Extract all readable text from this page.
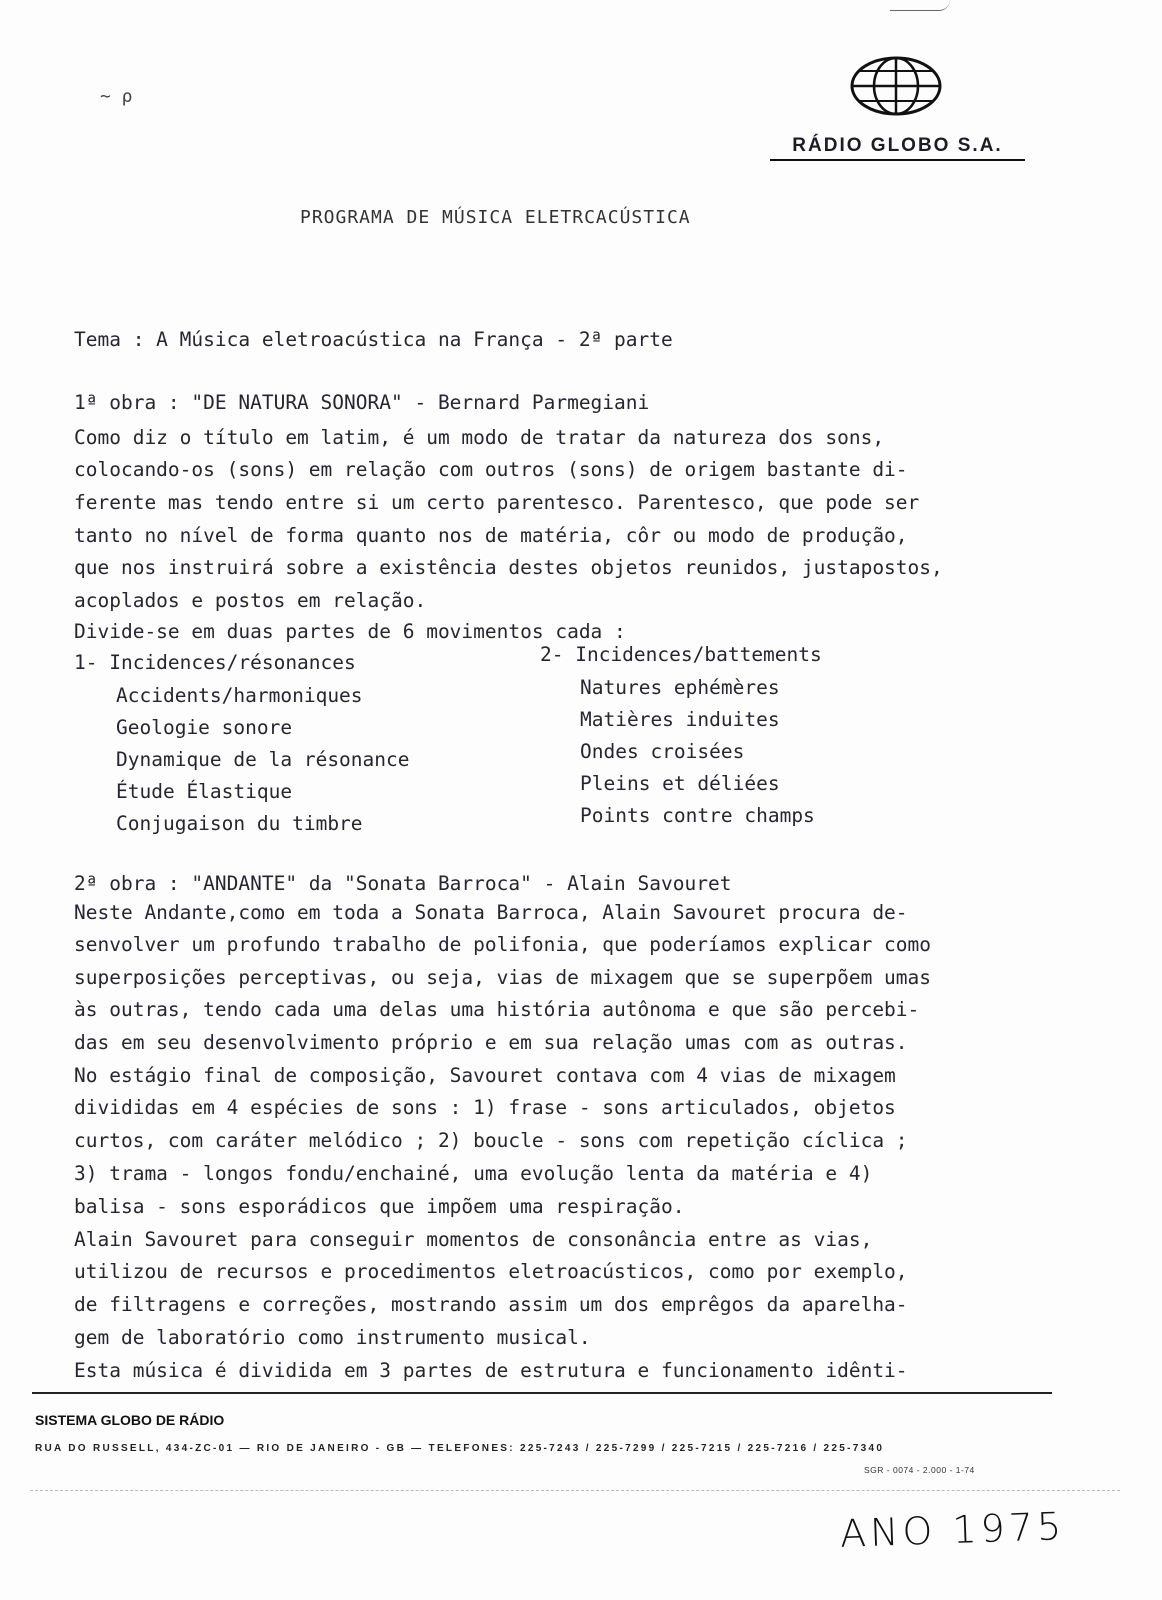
~ ρ
RÁDIO GLOBO S.A.
PROGRAMA DE MÚSICA ELETRCACÚSTICA
Tema : A Música eletroacústica na França - 2ª parte
1ª obra : "DE NATURA SONORA" - Bernard Parmegiani
Como diz o título em latim, é um modo de tratar da natureza dos sons,
colocando-os (sons) em relação com outros (sons) de origem bastante di-
ferente mas tendo entre si um certo parentesco. Parentesco, que pode ser
tanto no nível de forma quanto nos de matéria, côr ou modo de produção,
que nos instruirá sobre a existência destes objetos reunidos, justapostos,
acoplados e postos em relação.
Divide-se em duas partes de 6 movimentos cada :
1- Incidences/résonances
Accidents/harmoniques
Geologie sonore
Dynamique de la résonance
Étude Élastique
Conjugaison du timbre
2- Incidences/battements
Natures ephémères
Matières induites
Ondes croisées
Pleins et déliées
Points contre champs
2ª obra : "ANDANTE" da "Sonata Barroca" - Alain Savouret
Neste Andante,como em toda a Sonata Barroca, Alain Savouret procura de-
senvolver um profundo trabalho de polifonia, que poderíamos explicar como
superposições perceptivas, ou seja, vias de mixagem que se superpõem umas
às outras, tendo cada uma delas uma história autônoma e que são percebi-
das em seu desenvolvimento próprio e em sua relação umas com as outras.
No estágio final de composição, Savouret contava com 4 vias de mixagem
divididas em 4 espécies de sons : 1) frase - sons articulados, objetos
curtos, com caráter melódico ; 2) boucle - sons com repetição cíclica ;
3) trama - longos fondu/enchainé, uma evolução lenta da matéria e 4)
balisa - sons esporádicos que impõem uma respiração.
Alain Savouret para conseguir momentos de consonância entre as vias,
utilizou de recursos e procedimentos eletroacústicos, como por exemplo,
de filtragens e correções, mostrando assim um dos emprêgos da aparelha-
gem de laboratório como instrumento musical.
Esta música é dividida em 3 partes de estrutura e funcionamento idênti-
SISTEMA GLOBO DE RÁDIO
RUA DO RUSSELL, 434-ZC-01 — RIO DE JANEIRO - GB — TELEFONES: 225-7243 / 225-7299 / 225-7215 / 225-7216 / 225-7340
SGR - 0074 - 2.000 - 1-74
ANO 1975
